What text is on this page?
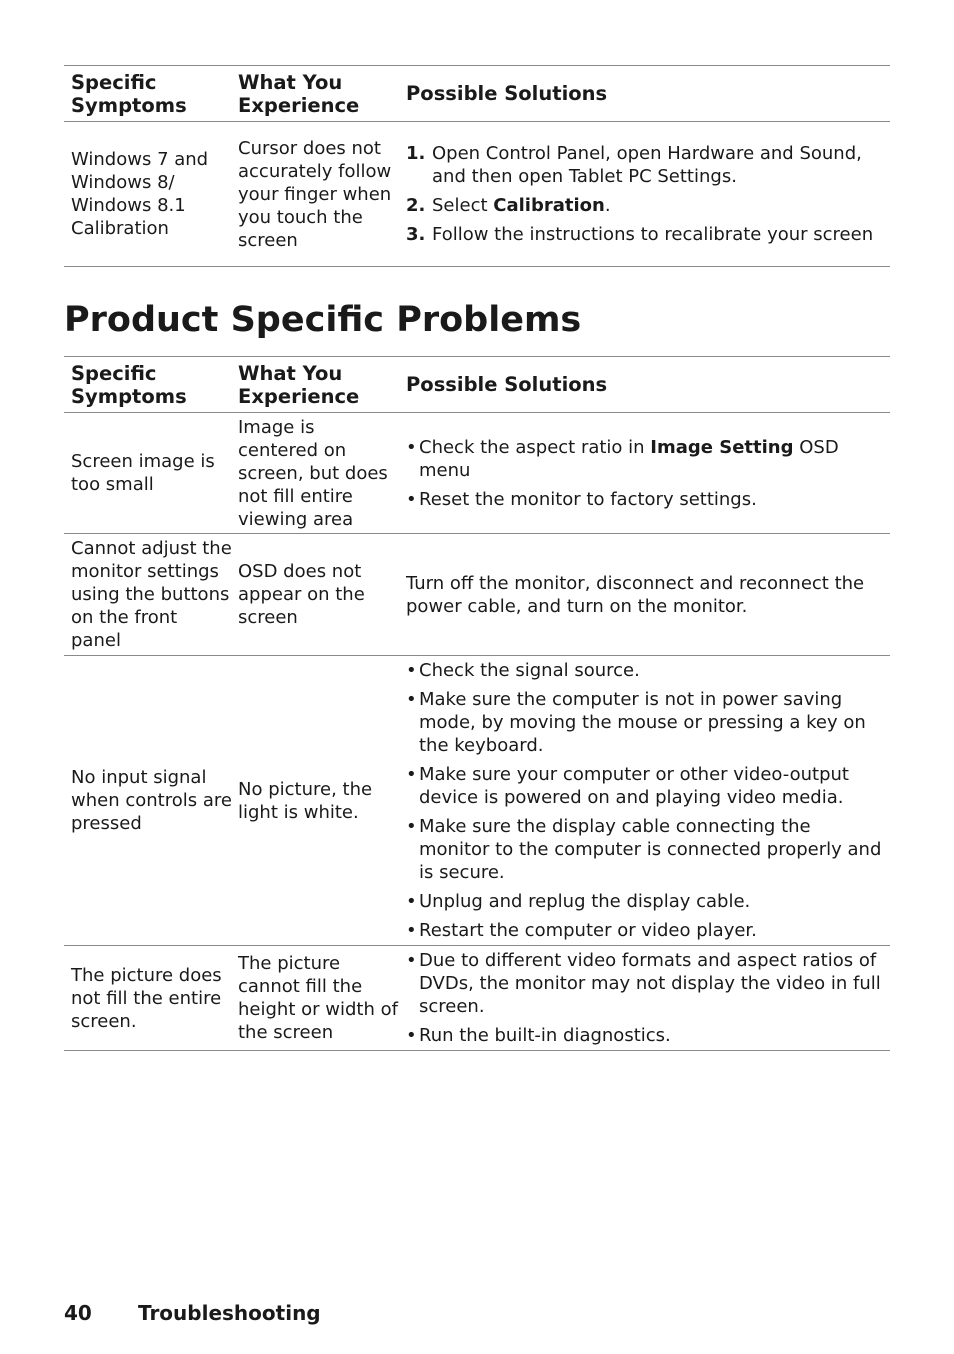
Specific Symptoms
What You Experience	Possible Solutions
Windows 7 and Windows 8/ Windows 8.1 Calibration
Cursor does not accurately follow your finger when you touch the screen
1. Open Control Panel, open Hardware and Sound, and then open Tablet PC Settings.
2. Select Calibration.
3. Follow the instructions to recalibrate your screen
Product Specific Problems
Specific Symptoms
What You Experience	Possible Solutions
Screen image is too small
Image is centered on screen, but does not fill entire viewing area
• Check the aspect ratio in Image Setting OSD menu
• Reset the monitor to factory settings.
Cannot adjust the monitor settings using the buttons on the front panel
OSD does not appear on the screen
Turn off the monitor, disconnect and reconnect the power cable, and turn on the monitor.
No input signal when controls are pressed
No picture, the light is white.
• Check the signal source.
• Make sure the computer is not in power saving mode, by moving the mouse or pressing a key on the keyboard.
• Make sure your computer or other video-output device is powered on and playing video media.
• Make sure the display cable connecting the monitor to the computer is connected properly and is secure.
• Unplug and replug the display cable.
• Restart the computer or video player.
The picture does not fill the entire screen.
The picture cannot fill the height or width of the screen
• Due to different video formats and aspect ratios of DVDs, the monitor may not display the video in full screen.
• Run the built-in diagnostics.
40 Troubleshooting
